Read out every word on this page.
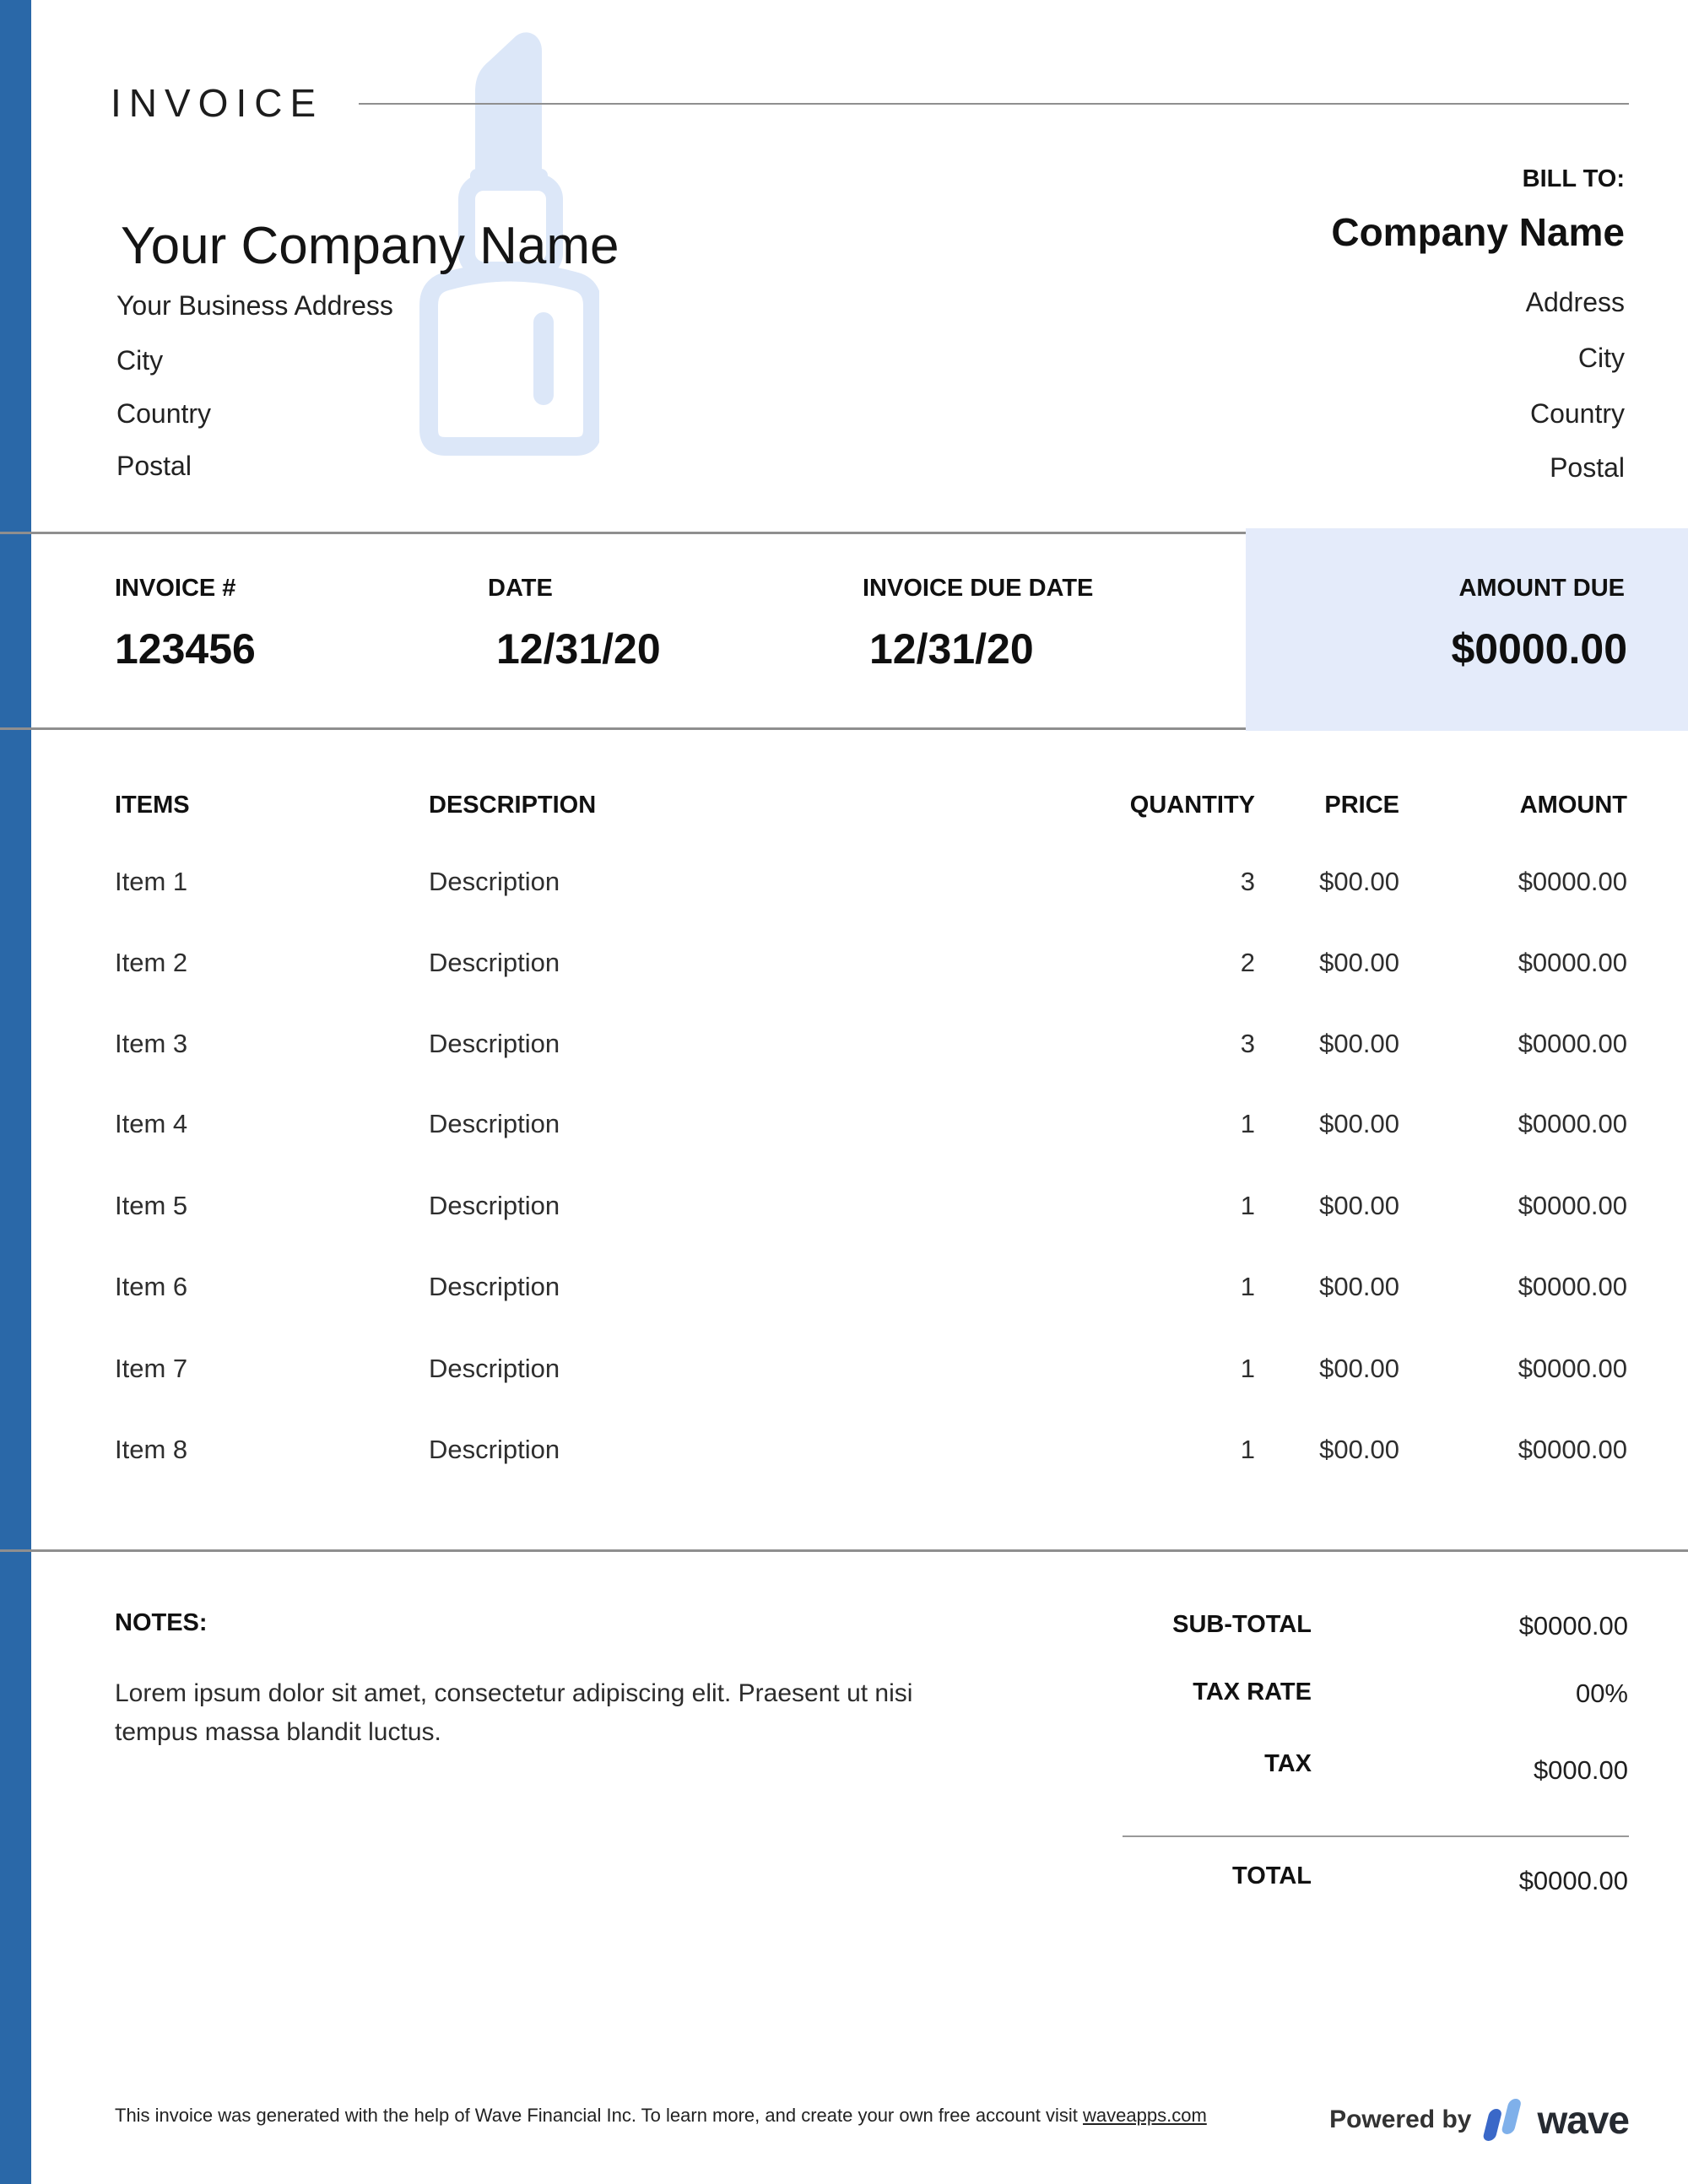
INVOICE
Your Company Name
Your Business Address
City
Country
Postal
BILL TO:
Company Name
Address
City
Country
Postal
INVOICE #	DATE	INVOICE DUE DATE	AMOUNT DUE
123456	12/31/20	12/31/20	$0000.00
ITEMS	DESCRIPTION	QUANTITY	PRICE	AMOUNT
Item 1	Description	3 $00.00	$0000.00
Item 2	Description	2 $00.00	$0000.00
Item 3	Description	3 $00.00	$0000.00
Item 4	Description	1 $00.00	$0000.00
Item 5	Description	1 $00.00	$0000.00
Item 6	Description	1 $00.00	$0000.00
Item 7	Description	1 $00.00	$0000.00
Item 8	Description	1 $00.00	$0000.00
NOTES:
Lorem ipsum dolor sit amet, consectetur adipiscing elit. Praesent ut nisi tempus massa blandit luctus.
SUB-TOTAL	$0000.00
TAX RATE	00%
TAX	$000.00
TOTAL	$0000.00
This invoice was generated with the help of Wave Financial Inc. To learn more, and create your own free account visit waveapps.com	Powered by wave
